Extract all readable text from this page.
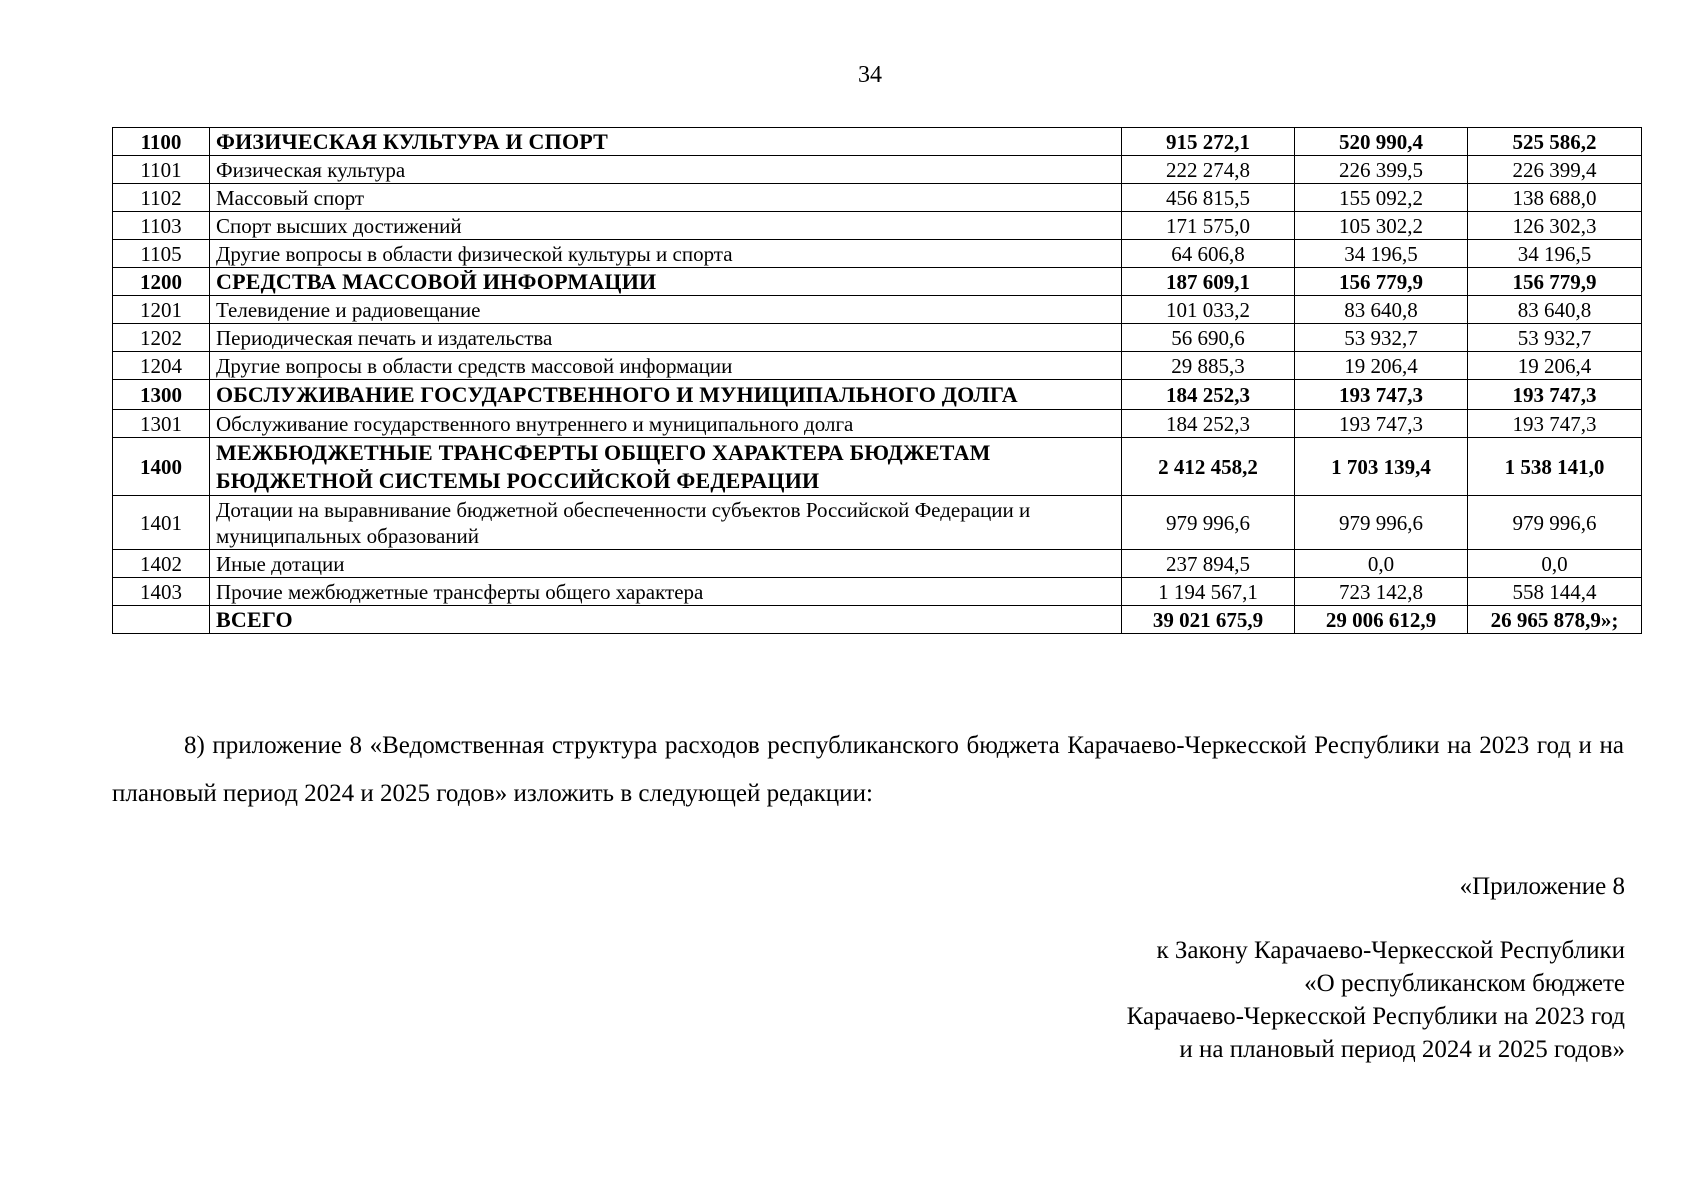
34
1100	ФИЗИЧЕСКАЯ КУЛЬТУРА И СПОРТ	915 272,1	520 990,4	525 586,2
1101	Физическая культура	222 274,8	226 399,5	226 399,4
1102	Массовый спорт	456 815,5	155 092,2	138 688,0
1103	Спорт высших достижений	171 575,0	105 302,2	126 302,3
1105	Другие вопросы в области физической культуры и спорта	64 606,8	34 196,5	34 196,5
1200	СРЕДСТВА МАССОВОЙ ИНФОРМАЦИИ	187 609,1	156 779,9	156 779,9
1201	Телевидение и радиовещание	101 033,2	83 640,8	83 640,8
1202	Периодическая печать и издательства	56 690,6	53 932,7	53 932,7
1204	Другие вопросы в области средств массовой информации	29 885,3	19 206,4	19 206,4
1300	ОБСЛУЖИВАНИЕ ГОСУДАРСТВЕННОГО И МУНИЦИПАЛЬНОГО ДОЛГА	184 252,3	193 747,3	193 747,3
1301	Обслуживание государственного внутреннего и муниципального долга	184 252,3	193 747,3	193 747,3
1400	МЕЖБЮДЖЕТНЫЕ ТРАНСФЕРТЫ ОБЩЕГО ХАРАКТЕРА БЮДЖЕТАМ БЮДЖЕТНОЙ СИСТЕМЫ РОССИЙСКОЙ ФЕДЕРАЦИИ	2 412 458,2	1 703 139,4	1 538 141,0
1401	Дотации на выравнивание бюджетной обеспеченности субъектов Российской Федерации и муниципальных образований	979 996,6	979 996,6	979 996,6
1402	Иные дотации	237 894,5	0,0	0,0
1403	Прочие межбюджетные трансферты общего характера	1 194 567,1	723 142,8	558 144,4
	ВСЕГО	39 021 675,9	29 006 612,9	26 965 878,9»;
8) приложение 8 «Ведомственная структура расходов республиканского бюджета Карачаево-Черкесской Республики на 2023 год и на плановый период 2024 и 2025 годов» изложить в следующей редакции:
«Приложение 8
к Закону Карачаево-Черкесской Республики
«О республиканском бюджете
Карачаево-Черкесской Республики на 2023 год
и на плановый период 2024 и 2025 годов»
